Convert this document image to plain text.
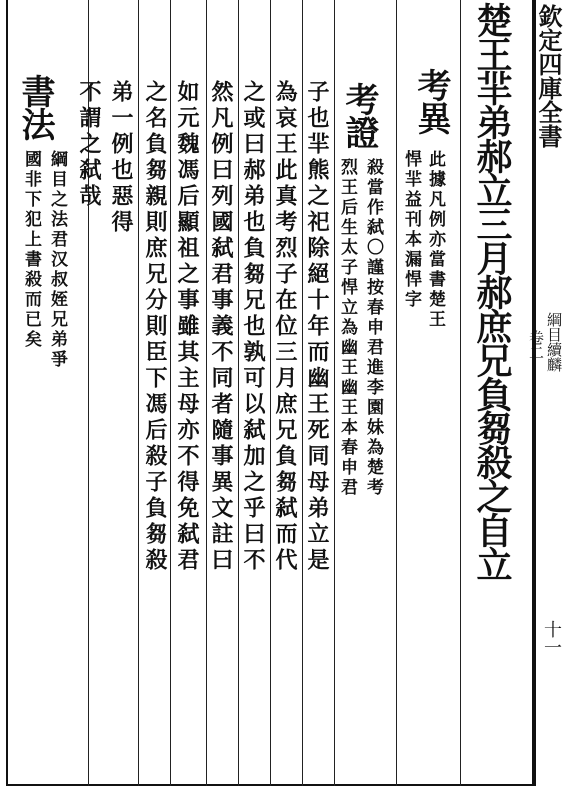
欽定四庫全書
綱目續麟
卷二
十一
楚王羋弟郝立三月郝庶兄負芻殺之自立
考異
此據凡例亦當書楚王
悍羋益刊本漏悍字
考證
殺當作弑〇謹按春申君進李園妹為楚考
烈王后生太子悍立為幽王幽王本春申君
子也羋熊之祀除絕十年而幽王死同母弟立是
為哀王此真考烈子在位三月庶兄負芻弑而代
之或曰郝弟也負芻兄也孰可以弑加之乎曰不
然凡例曰列國弑君事義不同者隨事異文註曰
如元魏馮后顯祖之事雖其主母亦不得免弑君
之名負芻親則庶兄分則臣下馮后殺子負芻殺
弟一例也惡得
不謂之弑哉
書法
綱目之法君汉叔姪兄弟爭
國非下犯上書殺而已矣
